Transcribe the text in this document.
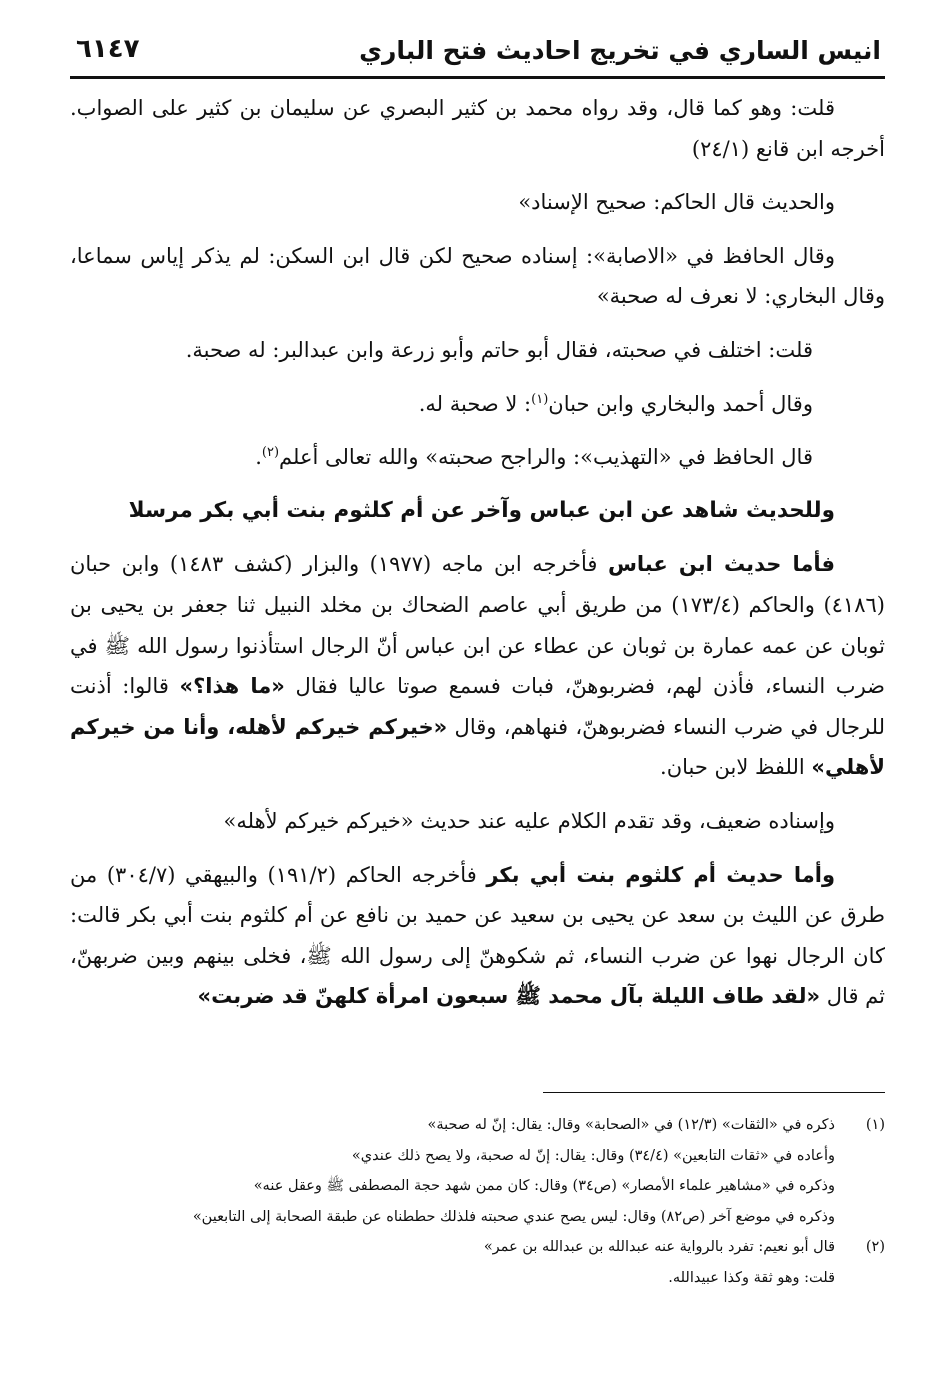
انيس الساري في تخريج احاديث فتح الباري
٦١٤٧

قلت: وهو كما قال، وقد رواه محمد بن كثير البصري عن سليمان بن كثير على الصواب. أخرجه ابن قانع (٢٤/١)

والحديث قال الحاكم: صحيح الإسناد»

وقال الحافظ في «الاصابة»: إسناده صحيح لكن قال ابن السكن: لم يذكر إياس سماعا، وقال البخاري: لا نعرف له صحبة»

قلت: اختلف في صحبته، فقال أبو حاتم وأبو زرعة وابن عبدالبر: له صحبة.

وقال أحمد والبخاري وابن حبان$^{(١)}$: لا صحبة له.

قال الحافظ في «التهذيب»: والراجح صحبته» والله تعالى أعلم$^{(٢)}$.

وللحديث شاهد عن ابن عباس وآخر عن أم كلثوم بنت أبي بكر مرسلا

فأما حديث ابن عباس فأخرجه ابن ماجه (١٩٧٧) والبزار (كشف ١٤٨٣) وابن حبان (٤١٨٦) والحاكم (١٧٣/٤) من طريق أبي عاصم الضحاك بن مخلد النبيل ثنا جعفر بن يحيى بن ثوبان عن عمه عمارة بن ثوبان عن عطاء عن ابن عباس أنّ الرجال استأذنوا رسول الله ﷺ في ضرب النساء، فأذن لهم، فضربوهنّ، فبات فسمع صوتا عاليا فقال «ما هذا؟» قالوا: أذنت للرجال في ضرب النساء فضربوهنّ، فنهاهم، وقال «خيركم خيركم لأهله، وأنا من خيركم لأهلي» اللفظ لابن حبان.

وإسناده ضعيف، وقد تقدم الكلام عليه عند حديث «خيركم خيركم لأهله»

وأما حديث أم كلثوم بنت أبي بكر فأخرجه الحاكم (١٩١/٢) والبيهقي (٣٠٤/٧) من طرق عن الليث بن سعد عن يحيى بن سعيد عن حميد بن نافع عن أم كلثوم بنت أبي بكر قالت: كان الرجال نهوا عن ضرب النساء، ثم شكوهنّ إلى رسول الله ﷺ، فخلى بينهم وبين ضربهنّ، ثم قال «لقد طاف الليلة بآل محمد ﷺ سبعون امرأة كلهنّ قد ضربت»

(١)
ذكره في «الثقات» (١٢/٣) في «الصحابة» وقال: يقال: إنّ له صحبة»
وأعاده في «ثقات التابعين» (٣٤/٤) وقال: يقال: إنّ له صحبة، ولا يصح ذلك عندي»
وذكره في «مشاهير علماء الأمصار» (ص٣٤) وقال: كان ممن شهد حجة المصطفى ﷺ وعقل عنه»
وذكره في موضع آخر (ص٨٢) وقال: ليس يصح عندي صحبته فلذلك حططناه عن طبقة الصحابة إلى التابعين»
(٢)
قال أبو نعيم: تفرد بالرواية عنه عبدالله بن عبدالله بن عمر»
قلت: وهو ثقة وكذا عبيدالله.
